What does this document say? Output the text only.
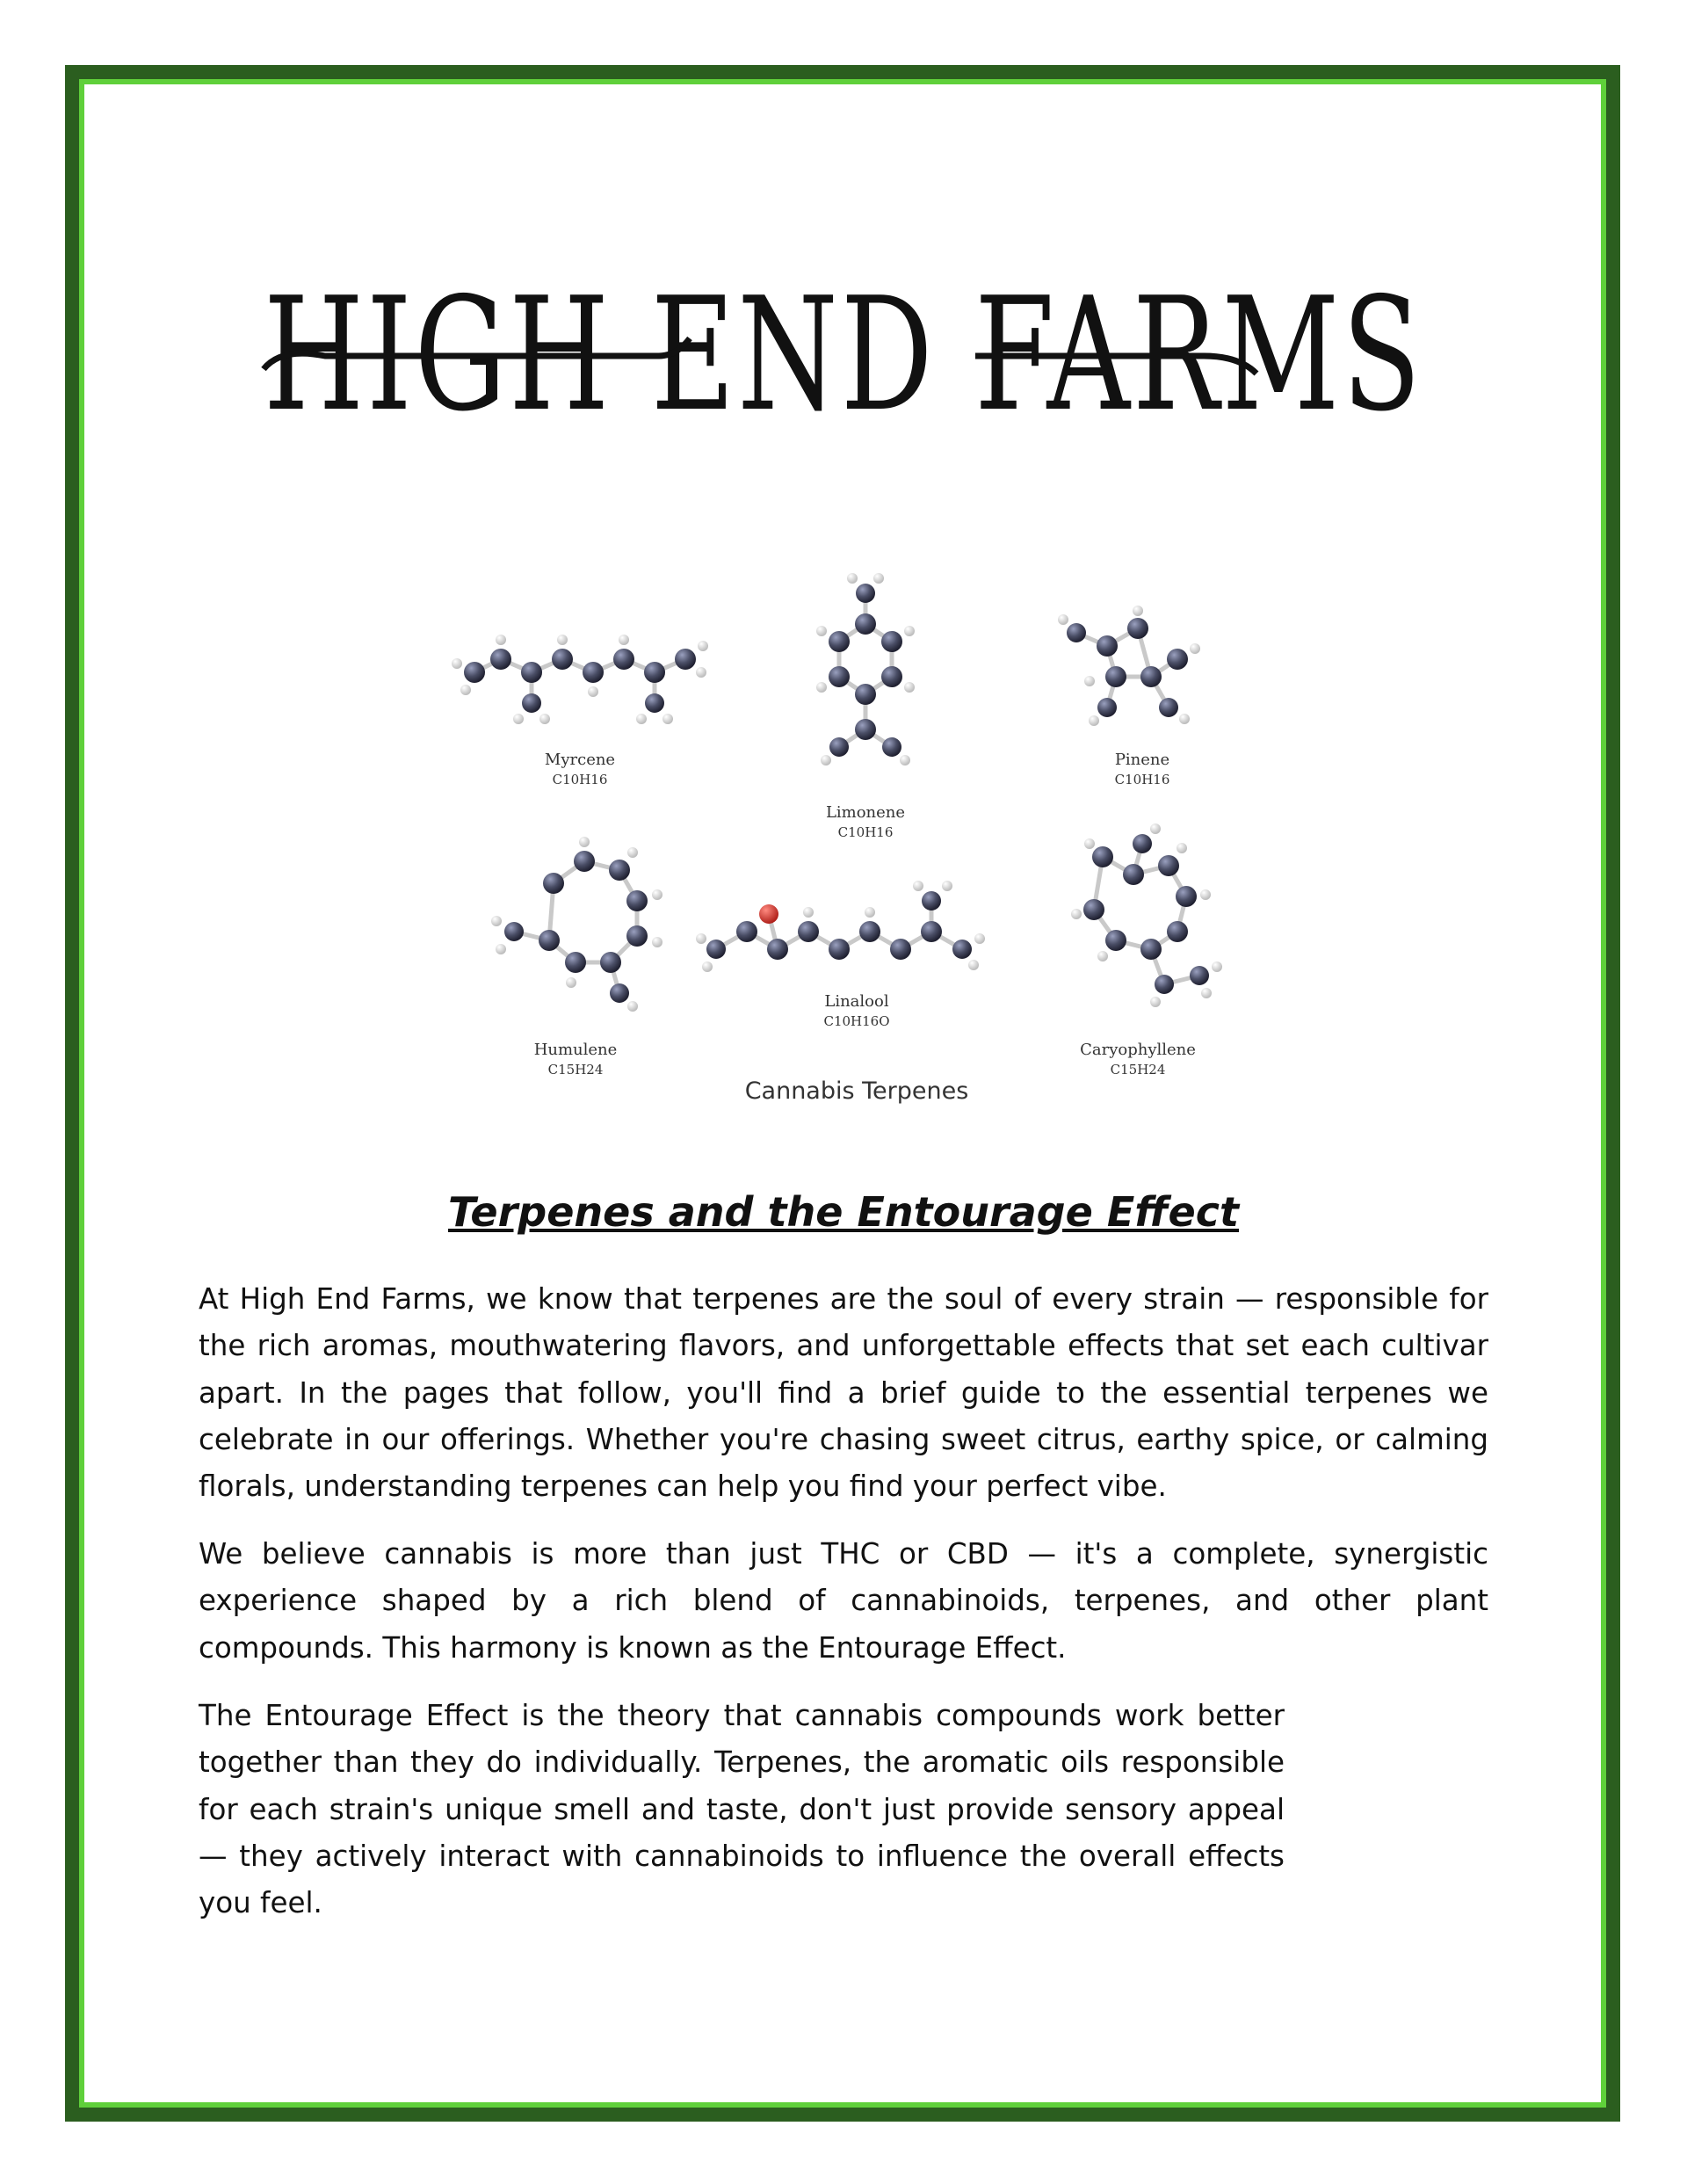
HIGH END FARMS
Myrcene
C10H16
Limonene
C10H16
Pinene
C10H16
Humulene
C15H24
Linalool
C10H16O
Caryophyllene
C15H24
Cannabis Terpenes
Terpenes and the Entourage Effect

At High End Farms, we know that terpenes are the soul of every strain — responsible for the rich aromas, mouthwatering flavors, and unforgettable effects that set each cultivar apart. In the pages that follow, you'll find a brief guide to the essential terpenes we celebrate in our offerings. Whether you're chasing sweet citrus, earthy spice, or calming florals, understanding terpenes can help you find your perfect vibe.

We believe cannabis is more than just THC or CBD — it's a complete, synergistic experience shaped by a rich blend of cannabinoids, terpenes, and other plant compounds. This harmony is known as the Entourage Effect.

The Entourage Effect is the theory that cannabis compounds work better together than they do individually. Terpenes, the aromatic oils responsible for each strain's unique smell and taste, don't just provide sensory appeal — they actively interact with cannabinoids to influence the overall effects you feel.
